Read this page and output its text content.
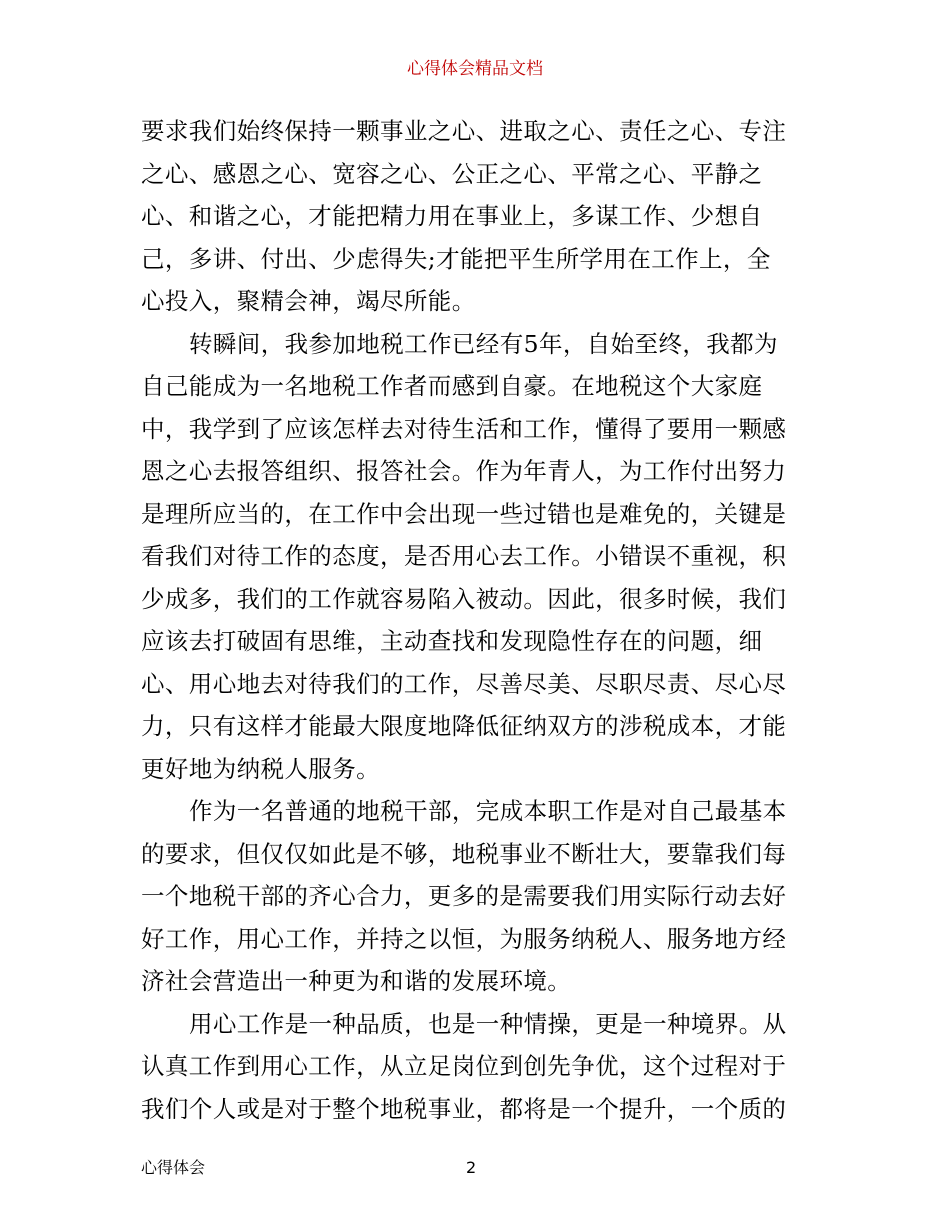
心得体会精品文档
要求我们始终保持一颗事业之心、进取之心、责任之心、专注
之心、感恩之心、宽容之心、公正之心、平常之心、平静之
心、和谐之心，才能把精力用在事业上，多谋工作、少想自
己，多讲、付出、少虑得失;才能把平生所学用在工作上，全
心投入，聚精会神，竭尽所能。
转瞬间，我参加地税工作已经有5年，自始至终，我都为
自己能成为一名地税工作者而感到自豪。在地税这个大家庭
中，我学到了应该怎样去对待生活和工作，懂得了要用一颗感
恩之心去报答组织、报答社会。作为年青人，为工作付出努力
是理所应当的，在工作中会出现一些过错也是难免的，关键是
看我们对待工作的态度，是否用心去工作。小错误不重视，积
少成多，我们的工作就容易陷入被动。因此，很多时候，我们
应该去打破固有思维，主动查找和发现隐性存在的问题，细
心、用心地去对待我们的工作，尽善尽美、尽职尽责、尽心尽
力，只有这样才能最大限度地降低征纳双方的涉税成本，才能
更好地为纳税人服务。
作为一名普通的地税干部，完成本职工作是对自己最基本
的要求，但仅仅如此是不够，地税事业不断壮大，要靠我们每
一个地税干部的齐心合力，更多的是需要我们用实际行动去好
好工作，用心工作，并持之以恒，为服务纳税人、服务地方经
济社会营造出一种更为和谐的发展环境。
用心工作是一种品质，也是一种情操，更是一种境界。从
认真工作到用心工作，从立足岗位到创先争优，这个过程对于
我们个人或是对于整个地税事业，都将是一个提升，一个质的
心得体会	2
